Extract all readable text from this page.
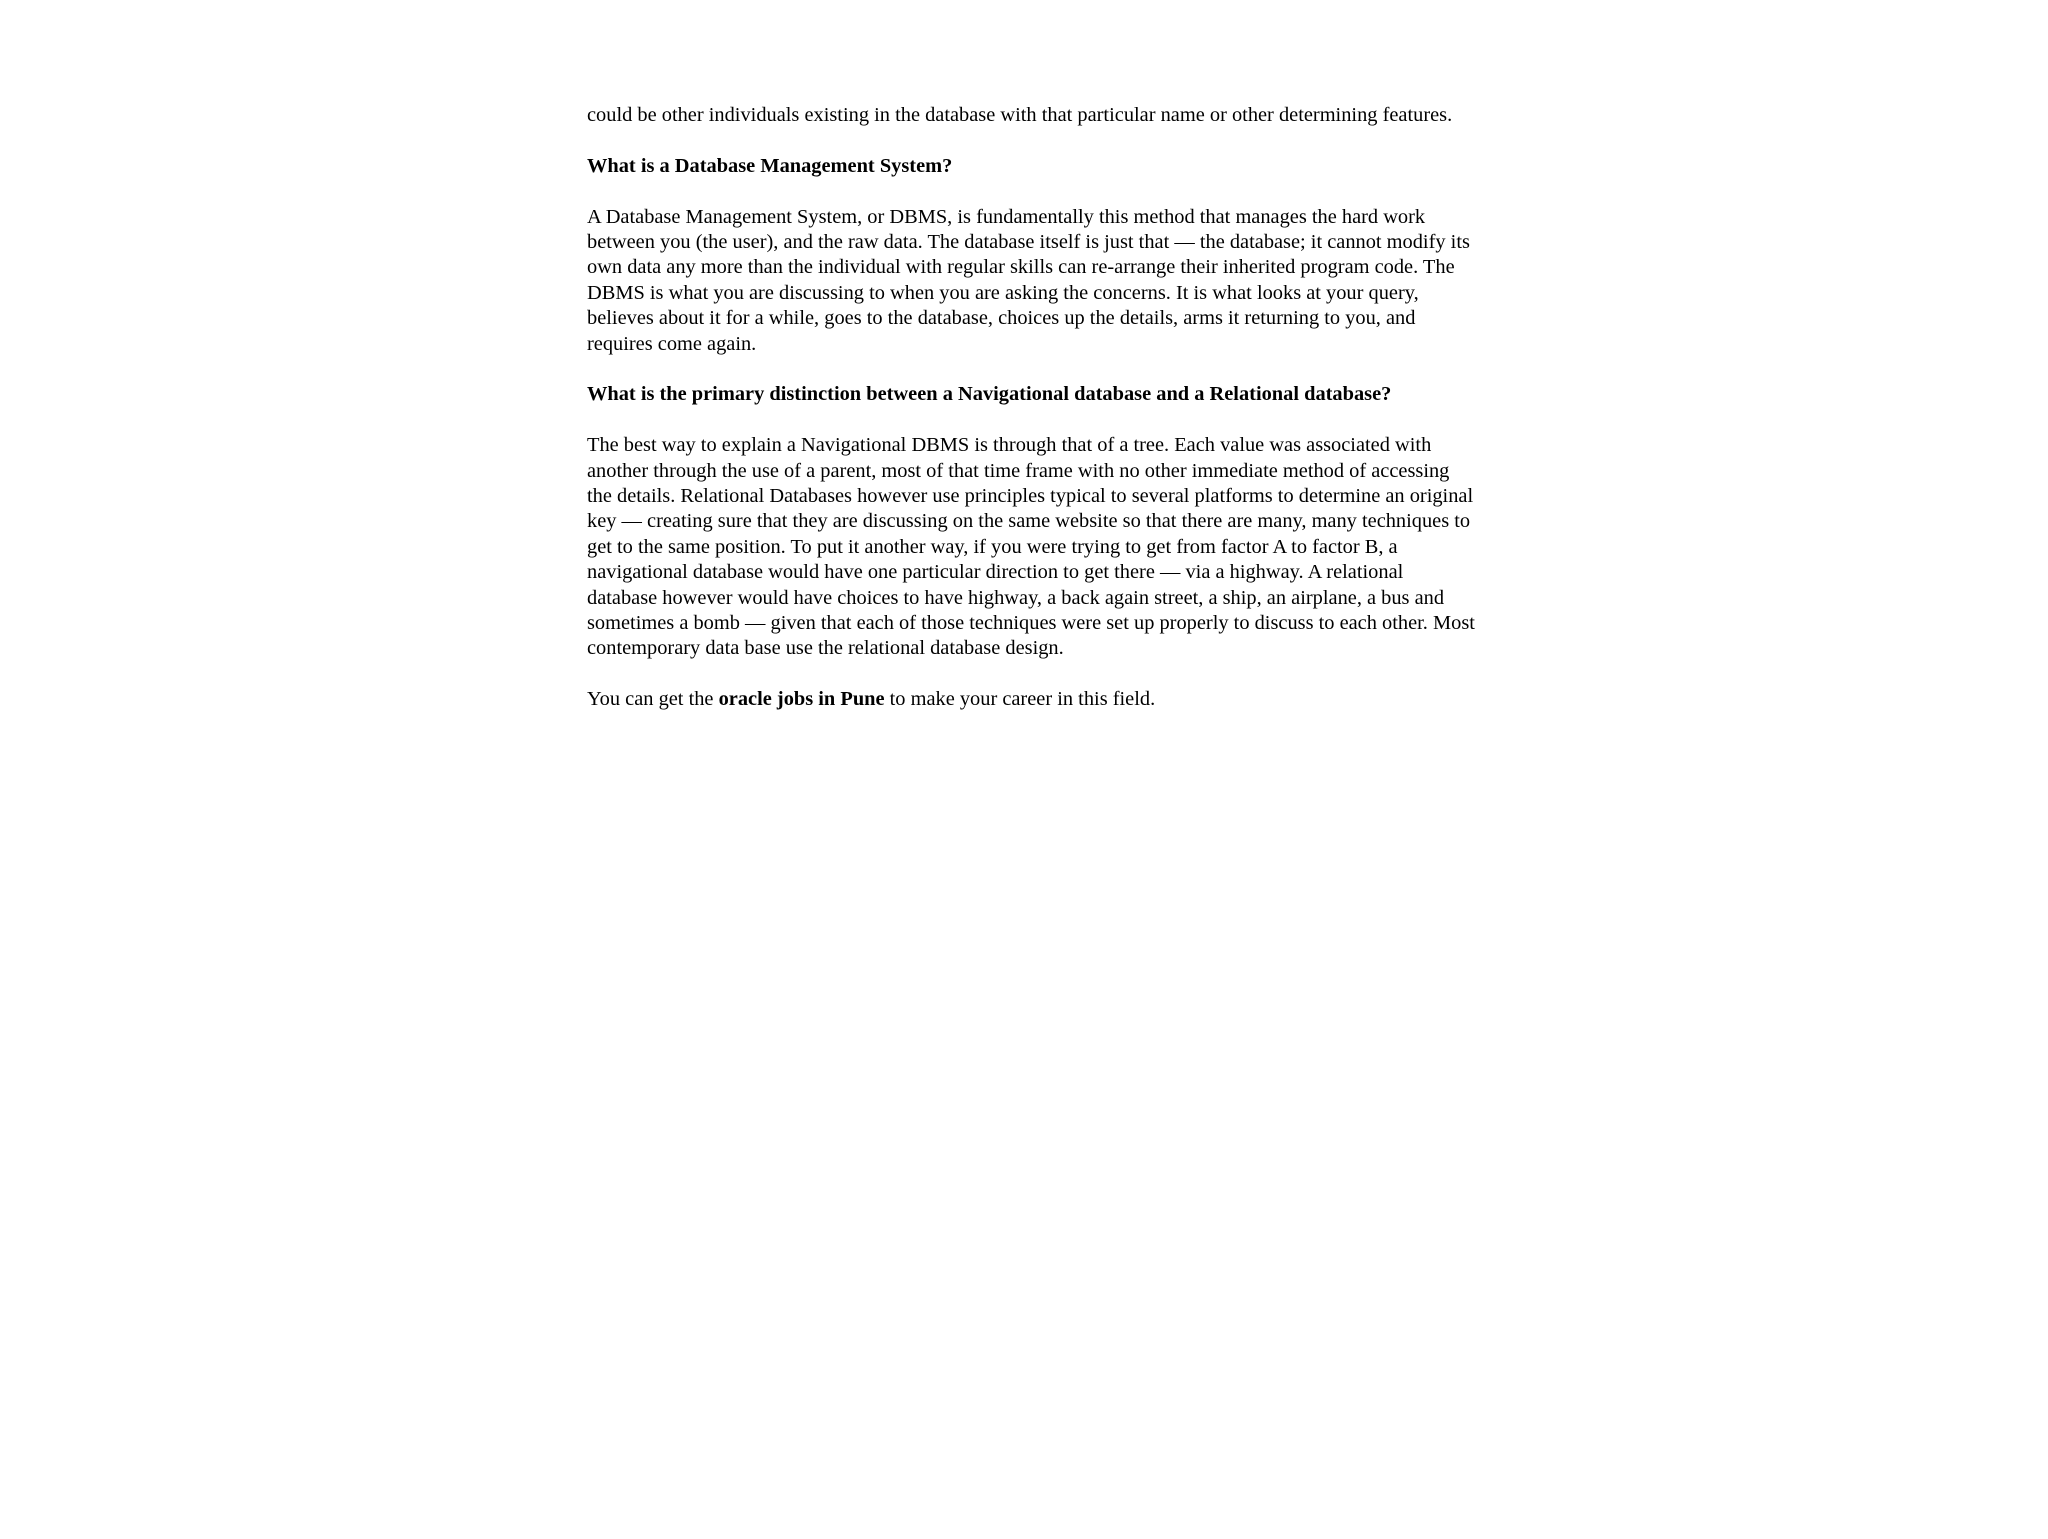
could be other individuals existing in the database with that particular name or other determining features.

What is a Database Management System?

A Database Management System, or DBMS, is fundamentally this method that manages the hard work between you (the user), and the raw data. The database itself is just that — the database; it cannot modify its own data any more than the individual with regular skills can re-arrange their inherited program code. The DBMS is what you are discussing to when you are asking the concerns. It is what looks at your query, believes about it for a while, goes to the database, choices up the details, arms it returning to you, and requires come again.

What is the primary distinction between a Navigational database and a Relational database?

The best way to explain a Navigational DBMS is through that of a tree. Each value was associated with another through the use of a parent, most of that time frame with no other immediate method of accessing the details. Relational Databases however use principles typical to several platforms to determine an original key — creating sure that they are discussing on the same website so that there are many, many techniques to get to the same position. To put it another way, if you were trying to get from factor A to factor B, a navigational database would have one particular direction to get there — via a highway. A relational database however would have choices to have highway, a back again street, a ship, an airplane, a bus and sometimes a bomb — given that each of those techniques were set up properly to discuss to each other. Most contemporary data base use the relational database design.

You can get the oracle jobs in Pune to make your career in this field.
